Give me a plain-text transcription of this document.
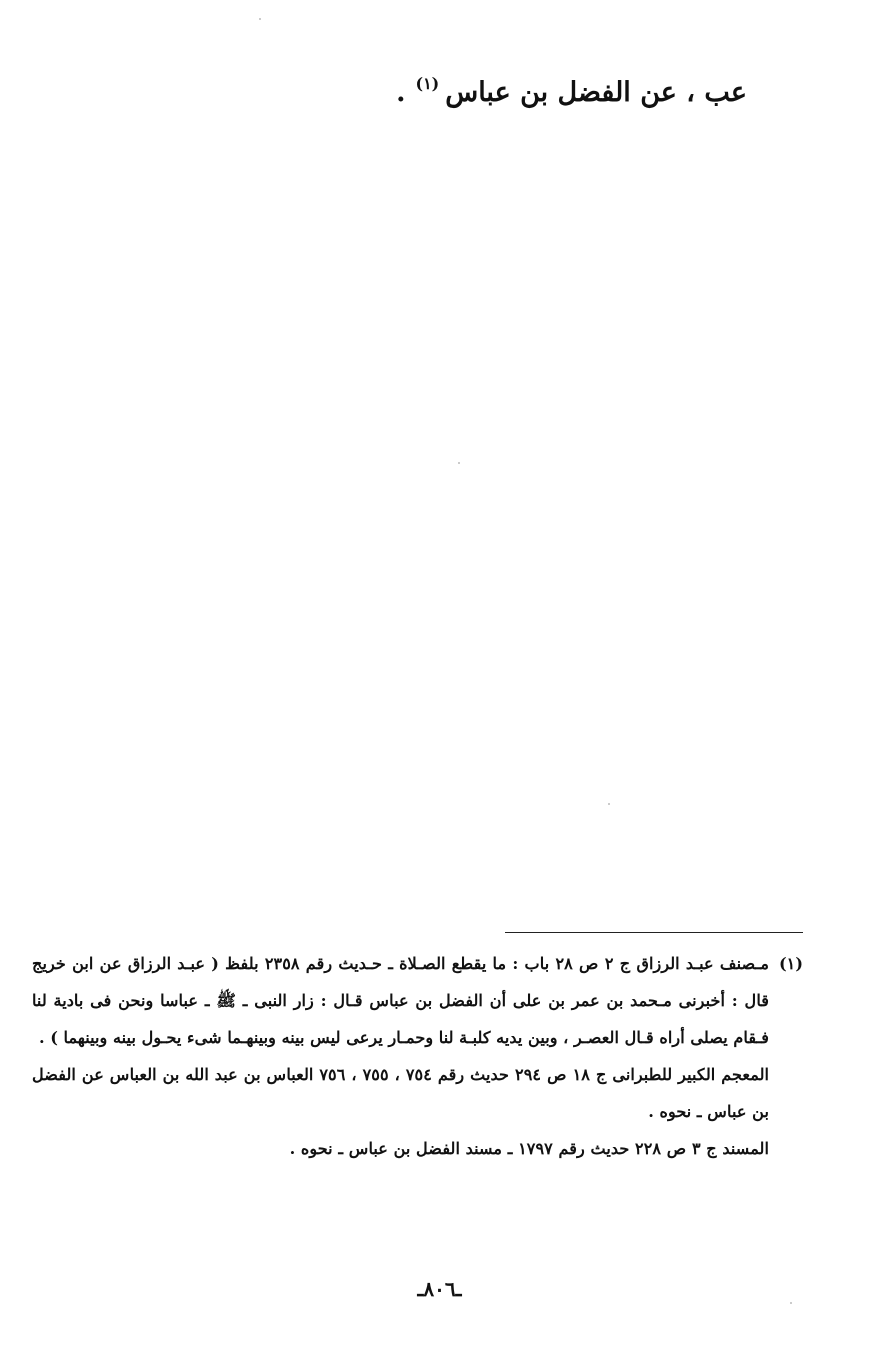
عب ، عن الفضل بن عباس$^{(١)}$.

(١)
مـصنف عبـد الرزاق ج ٢ ص ٢٨ باب : ما يقطع الصـلاة ـ حـديث رقم ٢٣٥٨ بلفظ ( عبـد الرزاق عن ابن خريج قال : أخبرنى مـحمد بن عمر بن على أن الفضل بن عباس قـال : زار النبى ـ ﷺ ـ عباسا ونحن فى بادية لنا فـقام يصلى أراه قـال العصـر ، وبين يديه كلبـة لنا وحمـار يرعى ليس بينه وبينهـما شىء يحـول بينه وبينهما ) .

المعجم الكبير للطبرانى ج ١٨ ص ٢٩٤ حديث رقم ٧٥٤ ، ٧٥٥ ، ٧٥٦ العباس بن عبد الله بن العباس عن الفضل بن عباس ـ نحوه .

المسند ج ٣ ص ٢٢٨ حديث رقم ١٧٩٧ ـ مسند الفضل بن عباس ـ نحوه .

ـ٨٠٦ـ
